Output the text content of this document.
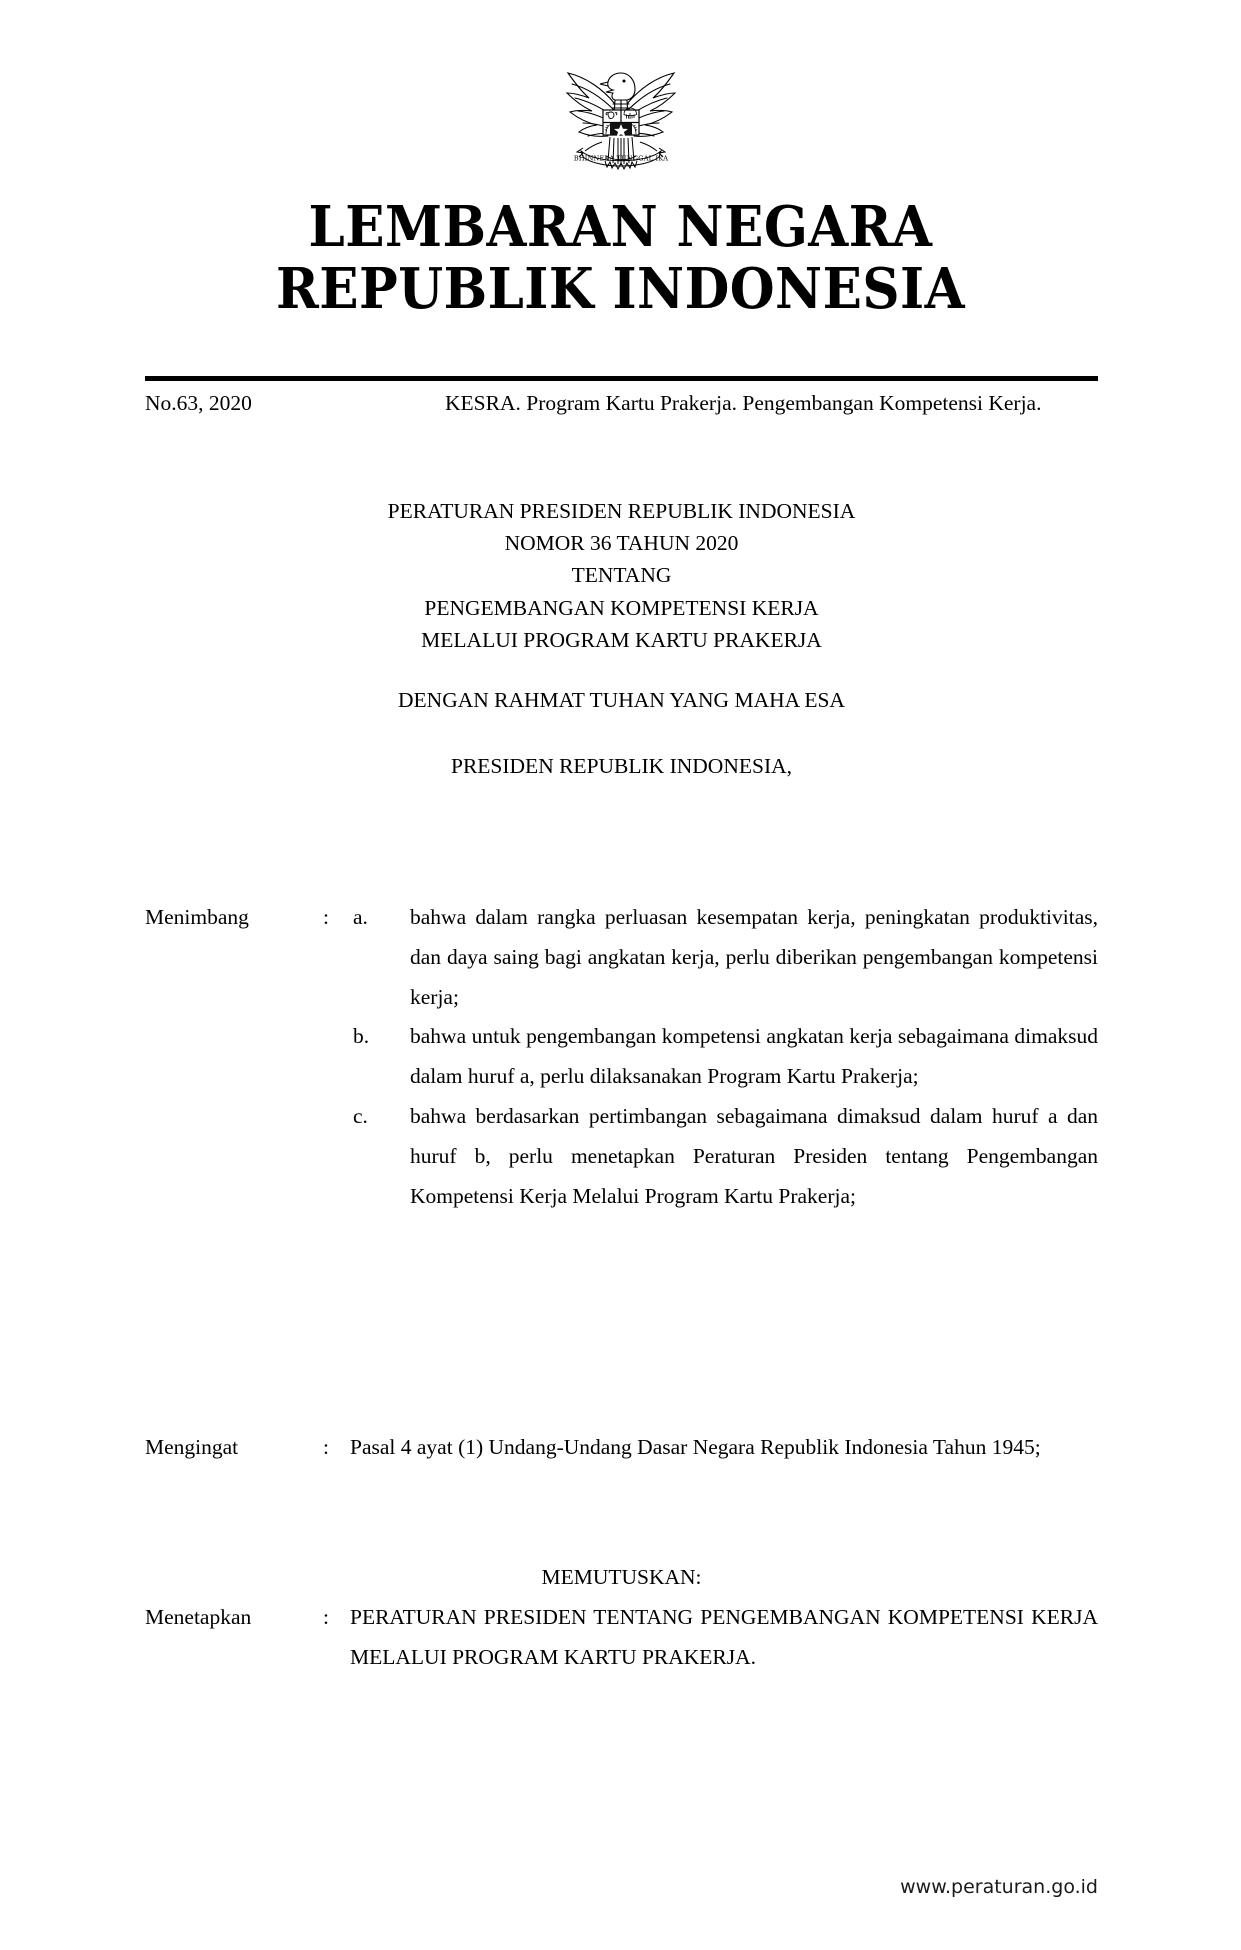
BHINNEKA TUNGGAL IKA
LEMBARAN NEGARA
REPUBLIK INDONESIA
No.63, 2020	KESRA. Program Kartu Prakerja. Pengembangan Kompetensi Kerja.
PERATURAN PRESIDEN REPUBLIK INDONESIA
NOMOR 36 TAHUN 2020
TENTANG
PENGEMBANGAN KOMPETENSI KERJA
MELALUI PROGRAM KARTU PRAKERJA
DENGAN RAHMAT TUHAN YANG MAHA ESA
PRESIDEN REPUBLIK INDONESIA,
Menimbang	:	a.	bahwa dalam rangka perluasan kesempatan kerja, peningkatan produktivitas, dan daya saing bagi angkatan kerja, perlu diberikan pengembangan kompetensi kerja;
b.	bahwa untuk pengembangan kompetensi angkatan kerja sebagaimana dimaksud dalam huruf a, perlu dilaksanakan Program Kartu Prakerja;
c.	bahwa berdasarkan pertimbangan sebagaimana dimaksud dalam huruf a dan huruf b, perlu menetapkan Peraturan Presiden tentang Pengembangan Kompetensi Kerja Melalui Program Kartu Prakerja;
Mengingat	: Pasal 4 ayat (1) Undang-Undang Dasar Negara Republik Indonesia Tahun 1945;
MEMUTUSKAN:
Menetapkan	: PERATURAN PRESIDEN TENTANG PENGEMBANGAN KOMPETENSI KERJA MELALUI PROGRAM KARTU PRAKERJA.
www.peraturan.go.id
